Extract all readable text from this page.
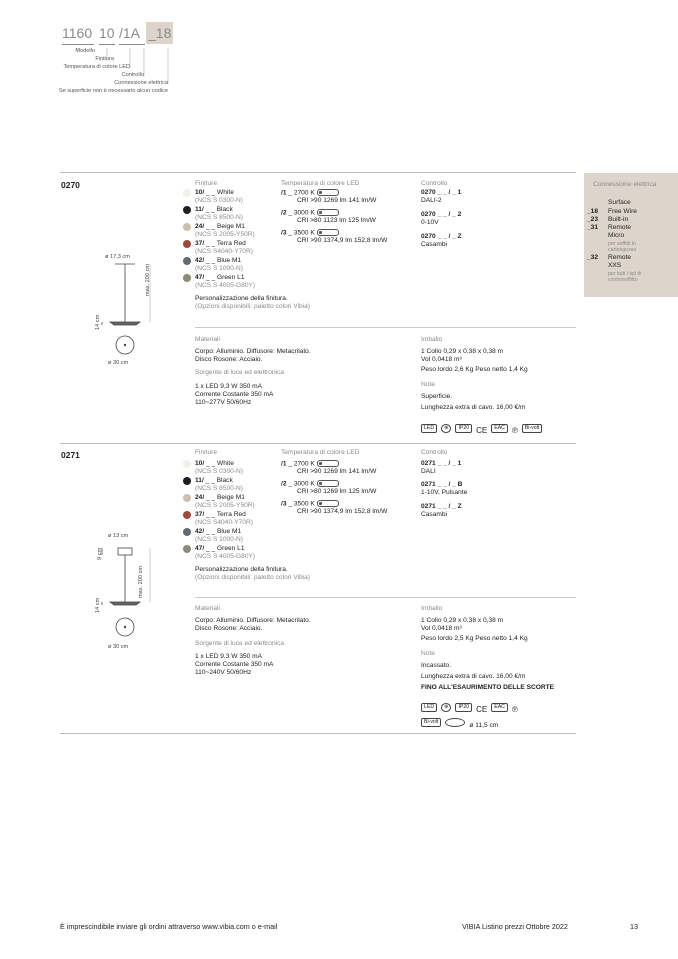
1160 10 /1A _18
Modello
Finitura
Temperatura di colore LED
Controllo
Connessione elettrica
Se superficie non è necessario alcun codice
Connessione elettrica
Surface
_18 Free Wire
_23 Built-in
_31 Remote Micro
per soffitti in cartongesso
_32 Remote XXS
per tutti i tipi di controsoffitto
0270
ø 17,3 cm
max. 200 cm
14 cm
ø 30 cm
Finiture
10/ _ _ White
(NCS S 0300-N)
11/ _ _ Black
(NCS S 8500-N)
24/ _ _ Beige M1
(NCS S 2005-Y50R)
37/ _ _ Terra Red
(NCS S4040-Y70R)
42/ _ _ Blue M1
(NCS S 1000-N)
47/ _ _ Green L1
(NCS S 4005-G80Y)
Personalizzazione della finitura.
(Opzioni disponibili: paletto colori Vibia)
Temperatura di colore LED
/1 _ 2700 K
CRI >90 1269 lm 141 lm/W
/2 _ 3000 K
CRI >80 1123 lm 125 lm/W
/3 _ 3500 K
CRI >90 1374,9 lm 152,8 lm/W
Controllo
0270 _ _ / _ 1
DALI-2
0270 _ _ / _ 2
0-10V
0270 _ _ / _ Z
Casambi
Materiali
Corpo: Alluminio. Diffusore: Metacrilato.
Disco Rosone: Acciaio.
Sorgente di luce ed elettronica
1 x LED 9,3 W 350 mA
Corrente Costante 350 mA
110~277V 50/60Hz
Imballo
1 Collo 0,29 x 0,38 x 0,38 m
Vol 0,0418 m³
Peso lordo 2,6 Kg Peso netto 1,4 Kg
Note
Superficie.
Lunghezza extra di cavo. 16,00 €/m
LED ⊕ IP20 CE EAC ℗ Bi-volt
0271
ø 13 cm
9 cm
max. 200 cm
14 cm
ø 30 cm
Finiture
10/ _ _ White
(NCS S 0300-N)
11/ _ _ Black
(NCS S 8500-N)
24/ _ _ Beige M1
(NCS S 2005-Y50R)
37/ _ _ Terra Red
(NCS S4040-Y70R)
42/ _ _ Blue M1
(NCS S 1000-N)
47/ _ _ Green L1
(NCS S 4005-G80Y)
Personalizzazione della finitura.
(Opzioni disponibili: paletto colori Vibia)
Temperatura di colore LED
/1 _ 2700 K
CRI >90 1269 lm 141 lm/W
/2 _ 3000 K
CRI >80 1269 lm 125 lm/W
/3 _ 3500 K
CRI >90 1374,9 lm 152,8 lm/W
Controllo
0271 _ _ / _ 1
DALI
0271 _ _ / _ B
1-10V, Pulsante
0271 _ _ / _ Z
Casambi
Materiali
Corpo: Alluminio. Diffusore: Metacrilato.
Disco Rosone: Acciaio.
Sorgente di luce ed elettronica
1 x LED 9,3 W 350 mA
Corrente Costante 350 mA
110~240V 50/60Hz
Imballo
1 Collo 0,29 x 0,38 x 0,38 m
Vol 0,0418 m³
Peso lordo 2,5 Kg Peso netto 1,4 Kg
Note
Incassato.
Lunghezza extra di cavo. 16,00 €/m
FINO ALL'ESAURIMENTO DELLE SCORTE
LED ⊕ IP20 CE EAC ℗
Bi-volt	ø 11,5 cm
È imprescindibile inviare gli ordini attraverso www.vibia.com o e-mail	VIBIA Listino prezzi Ottobre 2022	13
